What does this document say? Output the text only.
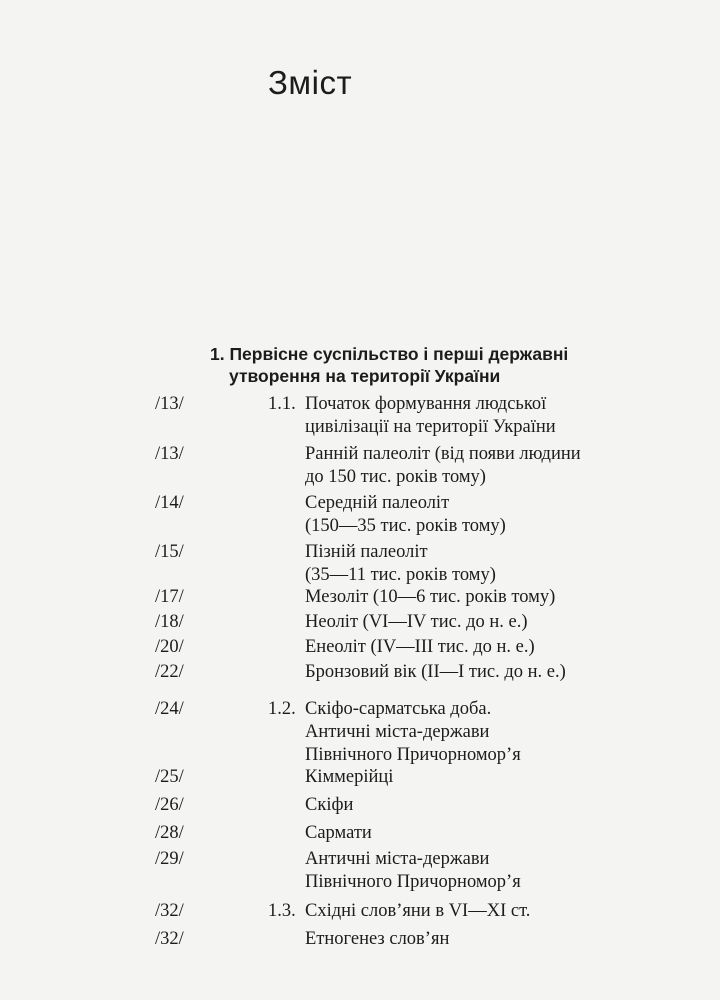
Зміст
1. Первісне суспільство і перші державні
утворення на території України
/13/	1.1. Початок формування людської
цивілізації на території України
/13/	Ранній палеоліт (від появи людини
до 150 тис. років тому)
/14/	Середній палеоліт
(150—35 тис. років тому)
/15/	Пізній палеоліт
(35—11 тис. років тому)
/17/	Мезоліт (10—6 тис. років тому)
/18/	Неоліт (VI—IV тис. до н. е.)
/20/	Енеоліт (IV—III тис. до н. е.)
/22/	Бронзовий вік (II—I тис. до н. е.)
/24/	1.2. Скіфо-сарматська доба.
Античні міста-держави
Північного Причорномор’я
/25/	Кіммерійці
/26/	Скіфи
/28/	Сармати
/29/	Античні міста-держави
Північного Причорномор’я
/32/	1.3. Східні слов’яни в VI—XI ст.
/32/	Етногенез слов’ян
